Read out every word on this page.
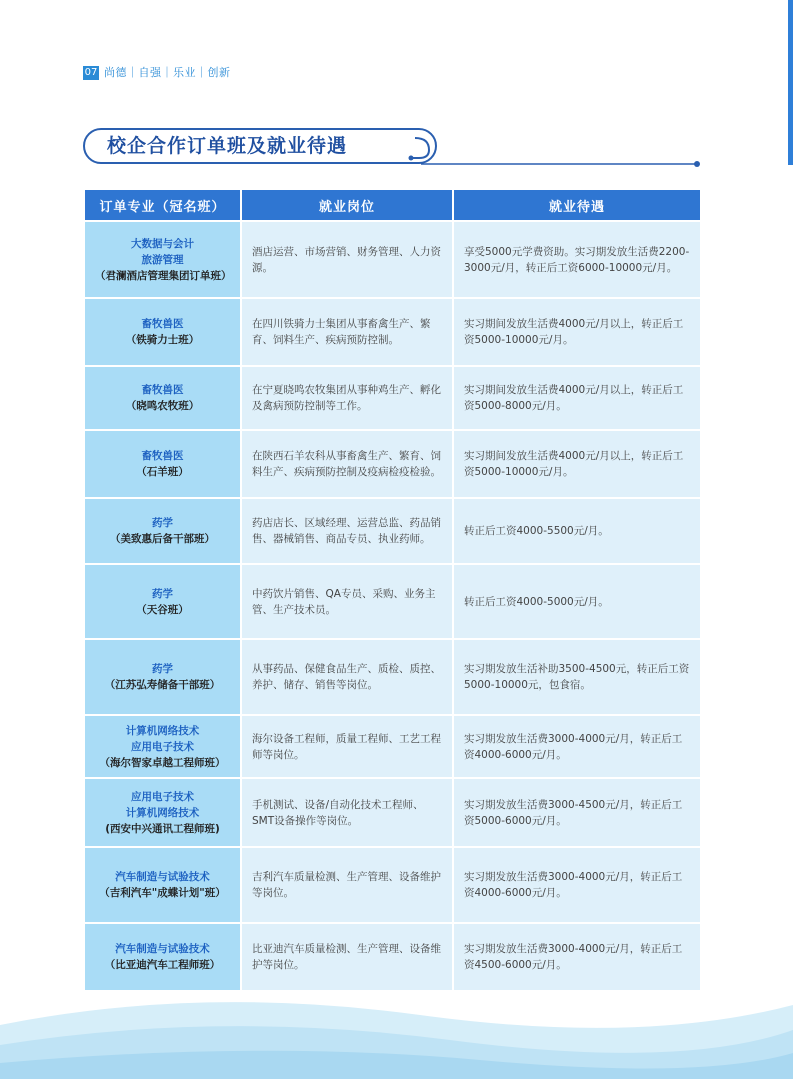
07 尚德｜自强｜乐业｜创新
校企合作订单班及就业待遇
订单专业（冠名班）	就业岗位	就业待遇

大数据与会计
旅游管理
（君澜酒店管理集团订单班）	酒店运营、市场营销、财务管理、人力资源。	享受5000元学费资助。实习期发放生活费2200-3000元/月，转正后工资6000-10000元/月。

畜牧兽医
（铁骑力士班）	在四川铁骑力士集团从事畜禽生产、繁育、饲料生产、疾病预防控制。	实习期间发放生活费4000元/月以上，转正后工资5000-10000元/月。

畜牧兽医
（晓鸣农牧班）	在宁夏晓鸣农牧集团从事种鸡生产、孵化及禽病预防控制等工作。	实习期间发放生活费4000元/月以上，转正后工资5000-8000元/月。

畜牧兽医
（石羊班）	在陕西石羊农科从事畜禽生产、繁育、饲料生产、疾病预防控制及疫病检疫检验。	实习期间发放生活费4000元/月以上，转正后工资5000-10000元/月。

药学
（美致惠后备干部班）	药店店长、区域经理、运营总监、药品销售、器械销售、商品专员、执业药师。	转正后工资4000-5500元/月。

药学
（天谷班）	中药饮片销售、QA专员、采购、业务主管、生产技术员。	转正后工资4000-5000元/月。

药学
（江苏弘寿储备干部班）	从事药品、保健食品生产、质检、质控、养护、储存、销售等岗位。	实习期发放生活补助3500-4500元，转正后工资5000-10000元，包食宿。

计算机网络技术
应用电子技术
（海尔智家卓越工程师班）	海尔设备工程师，质量工程师、工艺工程师等岗位。	实习期发放生活费3000-4000元/月，转正后工资4000-6000元/月。

应用电子技术
计算机网络技术
(西安中兴通讯工程师班)	手机测试、设备/自动化技术工程师、SMT设备操作等岗位。	实习期发放生活费3000-4500元/月，转正后工资5000-6000元/月。

汽车制造与试验技术
（吉利汽车"成蝶计划"班）	吉利汽车质量检测、生产管理、设备维护等岗位。	实习期发放生活费3000-4000元/月，转正后工资4000-6000元/月。

汽车制造与试验技术
（比亚迪汽车工程师班）	比亚迪汽车质量检测、生产管理、设备维护等岗位。	实习期发放生活费3000-4000元/月，转正后工资4500-6000元/月。
